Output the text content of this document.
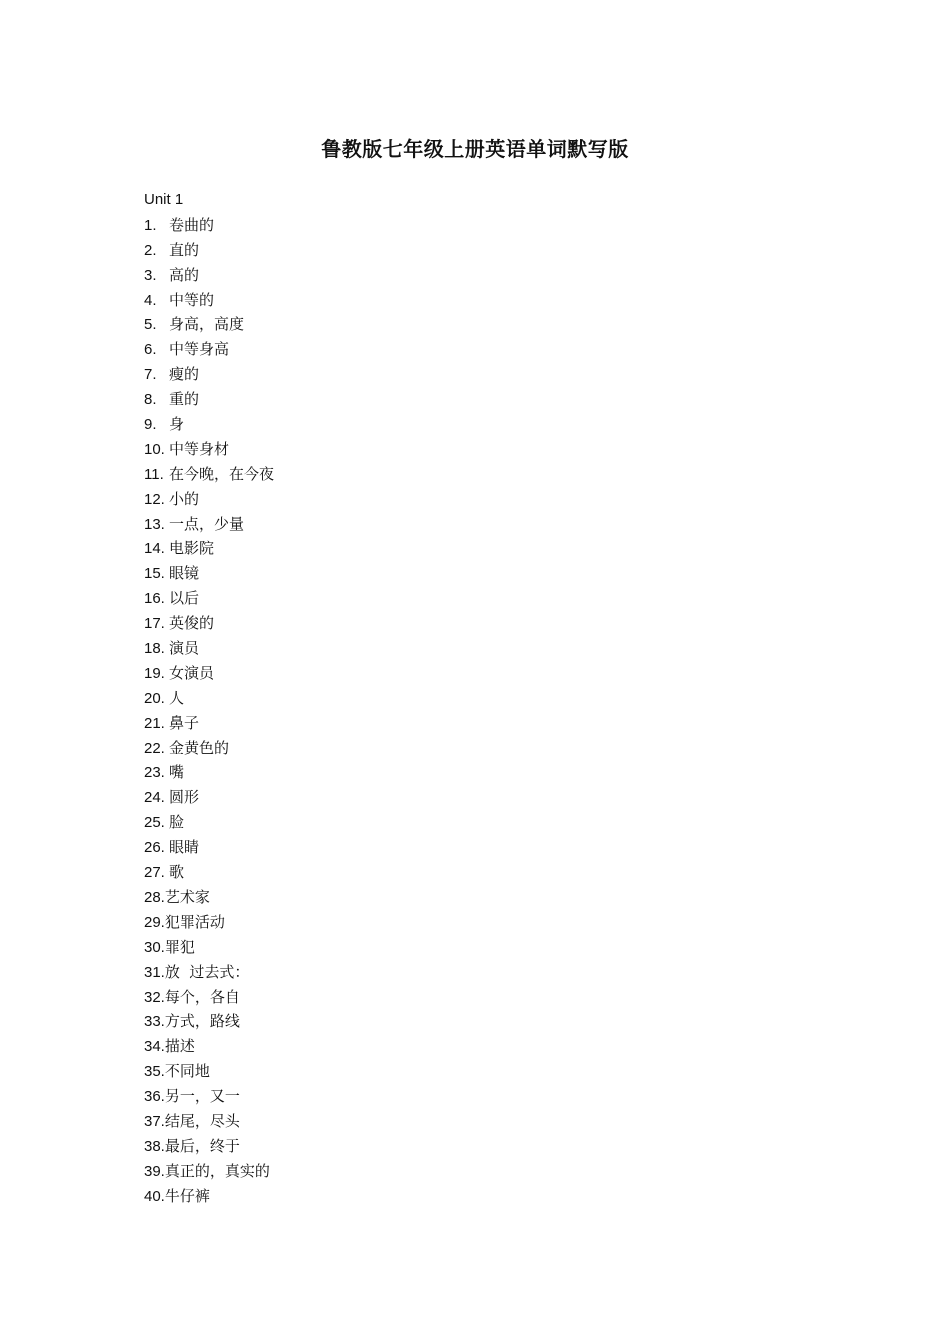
鲁教版七年级上册英语单词默写版
Unit 1
1. 卷曲的
2. 直的
3. 高的
4. 中等的
5. 身高，高度
6. 中等身高
7. 瘦的
8. 重的
9. 身
10. 中等身材
11. 在今晚，在今夜
12. 小的
13. 一点，少量
14. 电影院
15. 眼镜
16. 以后
17. 英俊的
18. 演员
19. 女演员
20. 人
21. 鼻子
22. 金黄色的
23. 嘴
24. 圆形
25. 脸
26. 眼睛
27. 歌
28. 艺术家
29. 犯罪活动
30. 罪犯
31. 放  过去式：
32. 每个，各自
33. 方式，路线
34. 描述
35. 不同地
36. 另一，又一
37. 结尾，尽头
38. 最后，终于
39. 真正的，真实的
40. 牛仔裤
